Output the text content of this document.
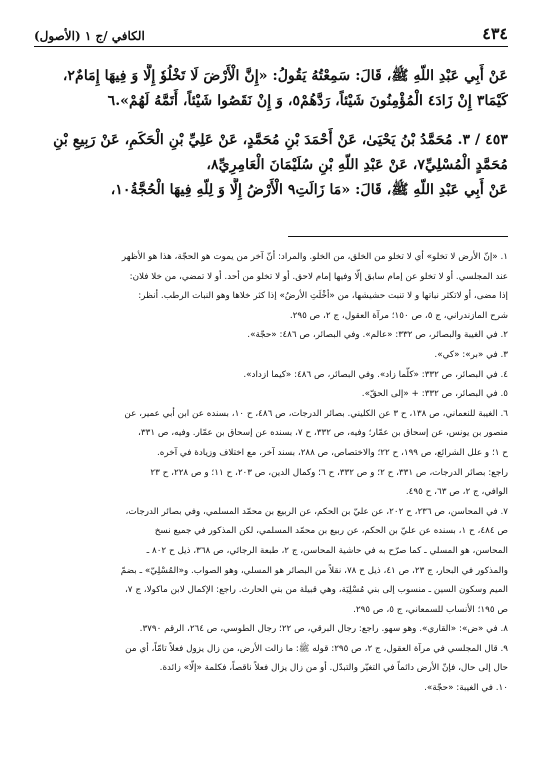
٤٣٤
الكافي /ج ١ (الأصول)
عَنْ أَبِي عَبْدِ اللّهِ ﷺ، قَالَ: سَمِعْتُهُ يَقُولُ: «إِنَّ الْأَرْضَ لَا تَخْلُوٗ إِلَّا وَ فِيهَا إِمَامٌ٢،
كَيْمَا٣ إِنْ زَادَ٤ الْمُؤْمِنُونَ شَيْئاً، رَدَّهُمْ٥، وَ إِنْ نَقَصُوا شَيْئاً، أَتَمَّهُ لَهُمْ».٦
٤٥٣ / ٣. مُحَمَّدُ بْنُ يَحْيَىٰ، عَنْ أَحْمَدَ بْنِ مُحَمَّدٍ، عَنْ عَلِيِّ بْنِ الْحَكَمِ، عَنْ رَبِيعِ بْنِ
مُحَمَّدٍ الْمُسْلِيِّ٧، عَنْ عَبْدِ اللّهِ بْنِ سُلَيْمَانَ الْعَامِرِيِّ٨،
عَنْ أَبِي عَبْدِ اللّهِ ﷺ، قَالَ: «مَا زَالَتِ٩ الْأَرْضُ إِلَّا وَ لِلّهِ فِيهَا الْحُجَّةُ١٠،
١. «إنّ الأرض لا تخلو» أي لا تخلو من الخلق، من الخلو. والمراد: أنّ آخر من يموت هو الحجّة، هذا هو الأظهر
عند المجلسي. أو لا تخلو عن إمام سابق إلّا وفيها إمام لاحق. أو لا تخلو من أحد. أو لا تمضي، من خلا فلان:
إذا مضى، أو لاتكثر نباتها و لا تنبت حشيشها، من «أخْلَتِ الأرضُ» إذا كثر خلاها وهو النبات الرطب. أنظر:
شرح المازندراني، ج ٥، ص ١٥٠؛ مرآة العقول، ج ٢، ص ٢٩٥.
٢. في الغيبة والبصائر، ص ٣٣٢: «عالم». وفي البصائر، ص ٤٨٦: «حجّة».
٣. في «بر»: «كي».
٤. في البصائر، ص ٣٣٢: «كلّما زاد». وفي البصائر، ص ٤٨٦: «كيما ازداد».
٥. في البصائر، ص ٣٣٢: + «إلى الحقّ».
٦. الغيبة للنعماني، ص ١٣٨، ح ٣ عن الكليني. بصائر الدرجات، ص ٤٨٦، ح ١٠، بسنده عن ابن أبي عمير، عن
منصور بن يونس، عن إسحاق بن عمّار؛ وفيه، ص ٣٣٢، ح ٧، بسنده عن إسحاق بن عمّار. وفيه، ص ٣٣١،
ح ١؛ و علل الشرائع، ص ١٩٩، ح ٢٢؛ والاختصاص، ص ٢٨٨، بسند آخر، مع اختلاف وزيادة في آخره.
راجع: بصائر الدرجات، ص ٣٣١، ح ٢؛ و ص ٣٣٢، ح ٦؛ وكمال الدين، ص ٢٠٣، ح ١١؛ و ص ٢٢٨، ح ٢٣
الوافي، ج ٢، ص ٦٣، ح ٤٩٥.
٧. في المحاسن، ص ٢٣٦، ح ٢٠٢، عن عليّ بن الحكم، عن الربيع بن محمّد المسلمي، وفي بصائر الدرجات،
ص ٤٨٤، ح ١، بسنده عن عليّ بن الحكم، عن ربيع بن محمّد المسلمي، لكن المذكور في جميع نسخ
المحاسن، هو المسلي ـ كما صرّح به في حاشية المحاسن، ج ٢، طبعة الرجائي، ص ٣٦٨، ذيل ح ٨٠٢ ـ
والمذكور في البحار، ج ٢٣، ص ٤١، ذيل ح ٧٨، نقلاً من البصائر هو المسلي، وهو الصواب. و«المُسْلِيّ» ـ بضمّ
الميم وسكون السين ـ منسوب إلى بني مُسْلِيَة، وهي قبيلة من بني الحارث. راجع: الإكمال لابن ماكولا، ج ٧،
ص ١٩٥؛ الأنساب للسمعاني، ج ٥، ص ٢٩٥.
٨. في «ض»: «القاري». وهو سهو. راجع: رجال البرقي، ص ٢٢؛ رجال الطوسي، ص ٢٦٤، الرقم ٣٧٩٠.
٩. قال المجلسي في مرآة العقول، ج ٢، ص ٢٩٥: قوله ﷺ: ما زالت الأرض، من زال يزول فعلاً تامّاً، أي من
حال إلى حال، فإنّ الأرض دائماً في التغيّر والتبدّل. أو من زال يزال فعلاً ناقصاً، فكلمة «إلّا» زائدة.
١٠. في الغيبة: «حجّة».
